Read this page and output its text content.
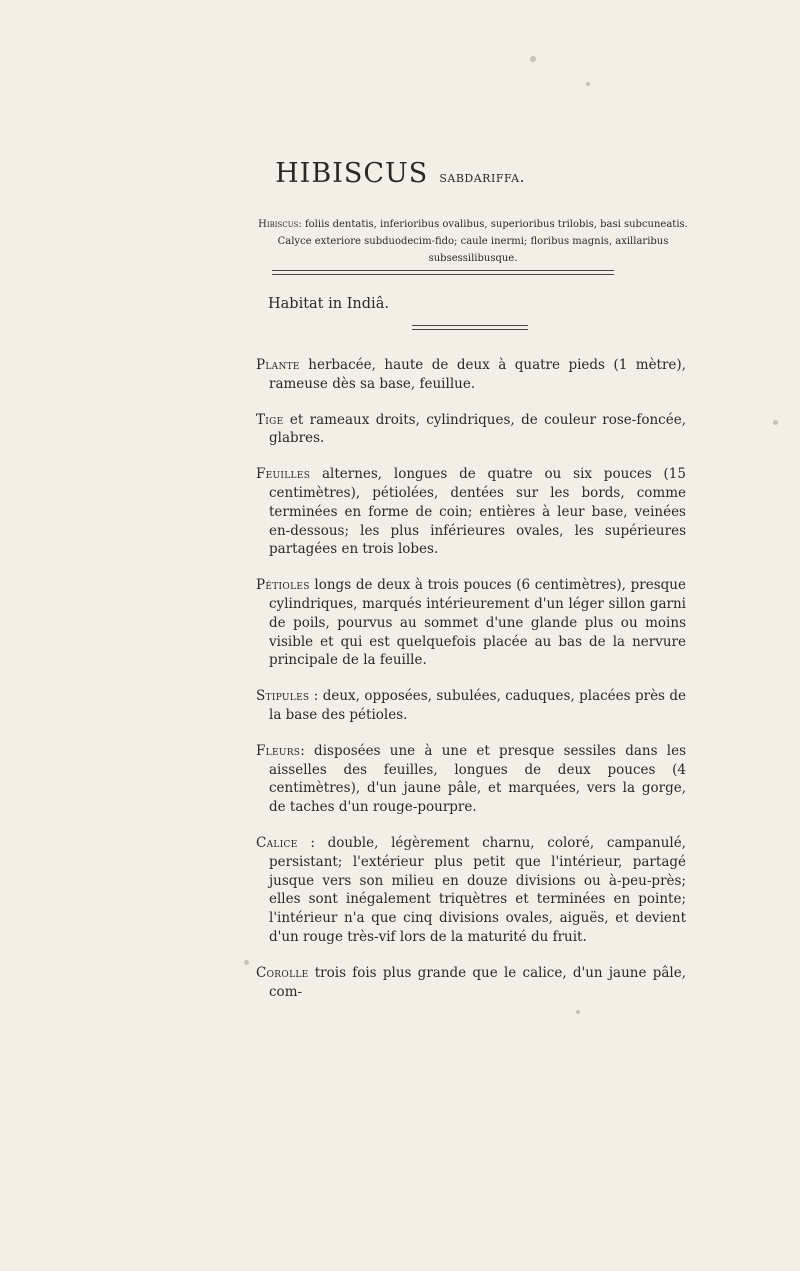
HIBISCUS sabdariffa.
Hibiscus: foliis dentatis, inferioribus ovalibus, superioribus trilobis, basi subcuneatis. Calyce exteriore subduodecim-fido; caule inermi; floribus magnis, axillaribus subsessilibusque.
Habitat in Indiâ.

Plante herbacée, haute de deux à quatre pieds (1 mètre), rameuse dès sa base, feuillue.

Tige et rameaux droits, cylindriques, de couleur rose-foncée, glabres.

Feuilles alternes, longues de quatre ou six pouces (15 centimètres), pétiolées, dentées sur les bords, comme terminées en forme de coin; entières à leur base, veinées en-dessous; les plus inférieures ovales, les supérieures partagées en trois lobes.

Pétioles longs de deux à trois pouces (6 centimètres), presque cylindriques, marqués intérieurement d'un léger sillon garni de poils, pourvus au sommet d'une glande plus ou moins visible et qui est quelquefois placée au bas de la nervure principale de la feuille.

Stipules : deux, opposées, subulées, caduques, placées près de la base des pétioles.

Fleurs: disposées une à une et presque sessiles dans les aisselles des feuilles, longues de deux pouces (4 centimètres), d'un jaune pâle, et marquées, vers la gorge, de taches d'un rouge-pourpre.

Calice : double, légèrement charnu, coloré, campanulé, persistant; l'extérieur plus petit que l'intérieur, partagé jusque vers son milieu en douze divisions ou à-peu-près; elles sont inégalement triquètres et terminées en pointe; l'intérieur n'a que cinq divisions ovales, aiguës, et devient d'un rouge très-vif lors de la maturité du fruit.

Corolle trois fois plus grande que le calice, d'un jaune pâle, com-
